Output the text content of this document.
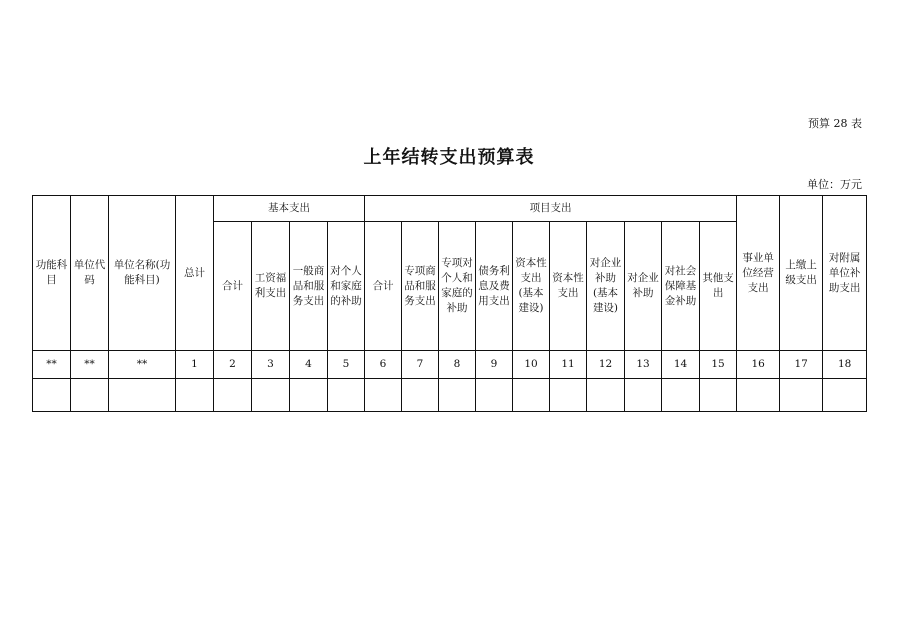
预算 28 表
上年结转支出预算表
单位：万元
功能科目	单位代码	单位名称(功能科目)	总计	基本支出				项目支出										事业单位经营支出	上缴上级支出	对附属单位补助支出
				合计	工资福利支出	一般商品和服务支出	对个人和家庭的补助	合计	专项商品和服务支出	专项对个人和家庭的补助	债务利息及费用支出	资本性支出(基本建设)	资本性支出	对企业补助(基本建设)	对企业补助	对社会保障基金补助	其他支出			
**	**	**	1	2	3	4	5	6	7	8	9	10	11	12	13	14	15	16	17	18
